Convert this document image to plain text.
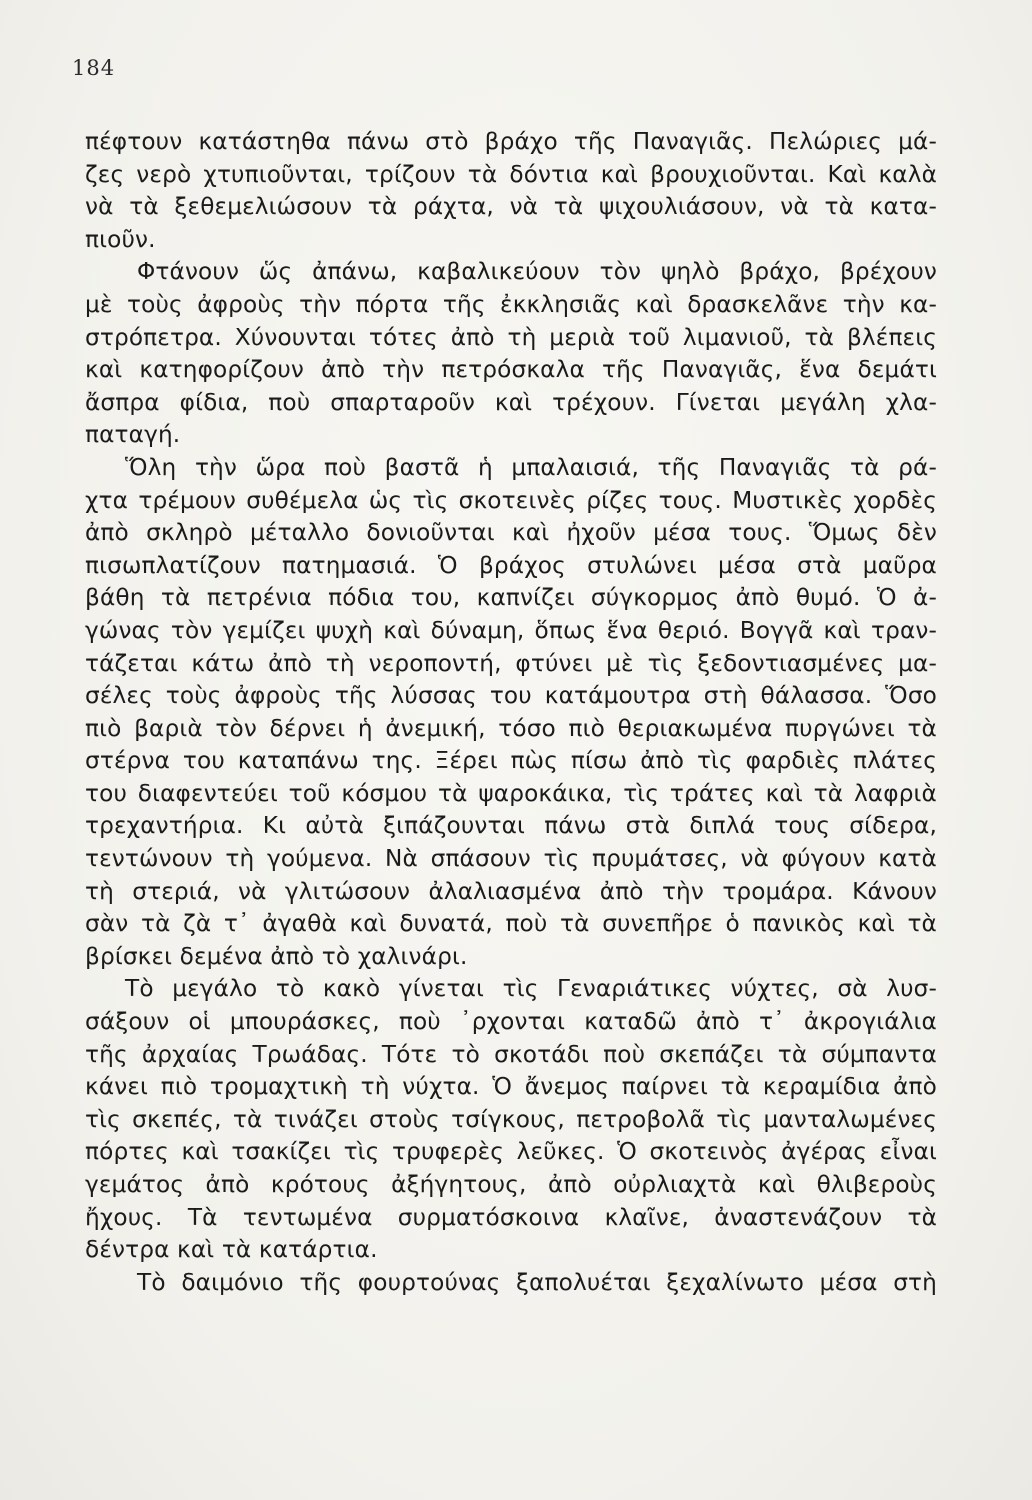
184
πέφτουν κατάστηθα πάνω στὸ βράχο τῆς Παναγιᾶς. Πελώριες μά-
ζες νερὸ χτυπιοῦνται, τρίζουν τὰ δόντια καὶ βρουχιοῦνται. Καὶ καλὰ
νὰ τὰ ξεθεμελιώσουν τὰ ράχτα, νὰ τὰ ψιχουλιάσουν, νὰ τὰ κατα-
πιοῦν.
Φτάνουν ὥς ἀπάνω, καβαλικεύουν τὸν ψηλὸ βράχο, βρέχουν
μὲ τοὺς ἀφροὺς τὴν πόρτα τῆς ἐκκλησιᾶς καὶ δρασκελᾶνε τὴν κα-
στρόπετρα. Χύνουνται τότες ἀπὸ τὴ μεριὰ τοῦ λιμανιοῦ, τὰ βλέπεις
καὶ κατηφορίζουν ἀπὸ τὴν πετρόσκαλα τῆς Παναγιᾶς, ἕνα δεμάτι
ἄσπρα φίδια, ποὺ σπαρταροῦν καὶ τρέχουν. Γίνεται μεγάλη χλα-
παταγή.
Ὅλη τὴν ὥρα ποὺ βαστᾶ ἡ μπαλαισιά, τῆς Παναγιᾶς τὰ ρά-
χτα τρέμουν συθέμελα ὡς τὶς σκοτεινὲς ρίζες τους. Μυστικὲς χορδὲς
ἀπὸ σκληρὸ μέταλλο δονιοῦνται καὶ ἠχοῦν μέσα τους. Ὅμως δὲν
πισωπλατίζουν πατημασιά. Ὁ βράχος στυλώνει μέσα στὰ μαῦρα
βάθη τὰ πετρένια πόδια του, καπνίζει σύγκορμος ἀπὸ θυμό. Ὁ ἀ-
γώνας τὸν γεμίζει ψυχὴ καὶ δύναμη, ὅπως ἕνα θεριό. Βογγᾶ καὶ τραν-
τάζεται κάτω ἀπὸ τὴ νεροποντή, φτύνει μὲ τὶς ξεδοντιασμένες μα-
σέλες τοὺς ἀφροὺς τῆς λύσσας του κατάμουτρα στὴ θάλασσα. Ὅσο
πιὸ βαριὰ τὸν δέρνει ἡ ἀνεμική, τόσο πιὸ θεριακωμένα πυργώνει τὰ
στέρνα του καταπάνω της. Ξέρει πὼς πίσω ἀπὸ τὶς φαρδιὲς πλάτες
του διαφεντεύει τοῦ κόσμου τὰ ψαροκάικα, τὶς τράτες καὶ τὰ λαφριὰ
τρεχαντήρια. Κι αὐτὰ ξιπάζουνται πάνω στὰ διπλά τους σίδερα,
τεντώνουν τὴ γούμενα. Νὰ σπάσουν τὶς πρυμάτσες, νὰ φύγουν κατὰ
τὴ στεριά, νὰ γλιτώσουν ἀλαλιασμένα ἀπὸ τὴν τρομάρα. Κάνουν
σὰν τὰ ζὰ τ᾽ ἀγαθὰ καὶ δυνατά, ποὺ τὰ συνεπῆρε ὁ πανικὸς καὶ τὰ
βρίσκει δεμένα ἀπὸ τὸ χαλινάρι.
Τὸ μεγάλο τὸ κακὸ γίνεται τὶς Γεναριάτικες νύχτες, σὰ λυσ-
σάξουν οἱ μπουράσκες, ποὺ ᾽ρχονται καταδῶ ἀπὸ τ᾽ ἀκρογιάλια
τῆς ἀρχαίας Τρωάδας. Τότε τὸ σκοτάδι ποὺ σκεπάζει τὰ σύμπαντα
κάνει πιὸ τρομαχτικὴ τὴ νύχτα. Ὁ ἄνεμος παίρνει τὰ κεραμίδια ἀπὸ
τὶς σκεπές, τὰ τινάζει στοὺς τσίγκους, πετροβολᾶ τὶς μανταλωμένες
πόρτες καὶ τσακίζει τὶς τρυφερὲς λεῦκες. Ὁ σκοτεινὸς ἀγέρας εἶναι
γεμάτος ἀπὸ κρότους ἀξήγητους, ἀπὸ οὐρλιαχτὰ καὶ θλιβεροὺς
ἤχους. Τὰ τεντωμένα συρματόσκοινα κλαῖνε, ἀναστενάζουν τὰ
δέντρα καὶ τὰ κατάρτια.
Τὸ δαιμόνιο τῆς φουρτούνας ξαπολυέται ξεχαλίνωτο μέσα στὴ
